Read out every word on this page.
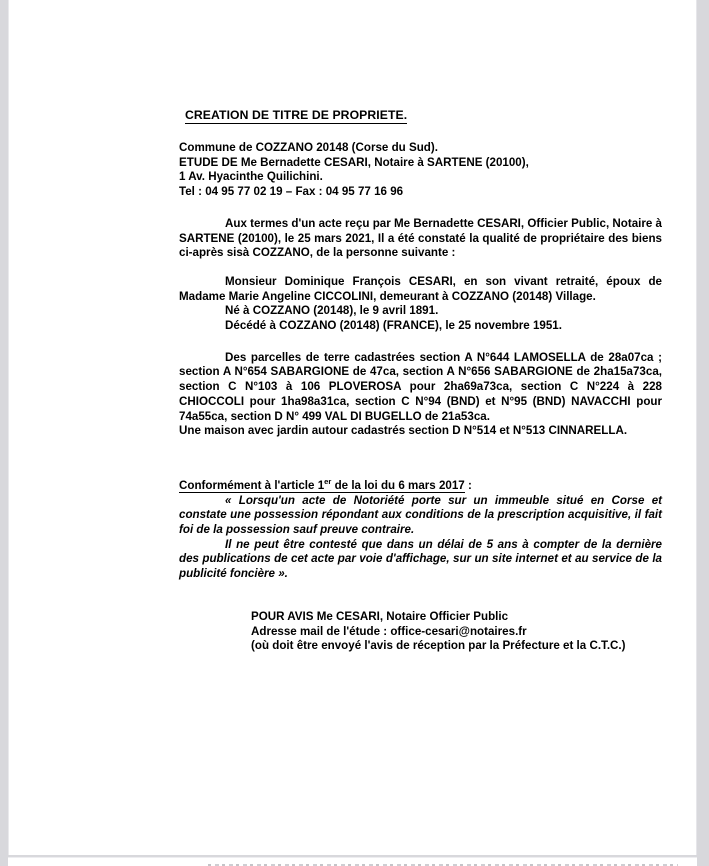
CREATION DE TITRE DE PROPRIETE.

Commune de COZZANO 20148 (Corse du Sud).

ETUDE DE Me Bernadette CESARI, Notaire à SARTENE (20100),

1 Av. Hyacinthe Quilichini.

Tel : 04 95 77 02 19 – Fax : 04 95 77 16 96

Aux termes d'un acte reçu par Me Bernadette CESARI, Officier Public, Notaire à SARTENE (20100), le 25 mars 2021, Il a été constaté la qualité de propriétaire des biens ci-après sisà COZZANO, de la personne suivante :

Monsieur Dominique François CESARI, en son vivant retraité, époux de Madame Marie Angeline CICCOLINI, demeurant à COZZANO (20148) Village.

Né à COZZANO (20148), le 9 avril 1891.

Décédé à COZZANO (20148) (FRANCE), le 25 novembre 1951.

Des parcelles de terre cadastrées section A N°644 LAMOSELLA de 28a07ca ; section A N°654 SABARGIONE de 47ca, section A N°656 SABARGIONE de 2ha15a73ca, section C N°103 à 106 PLOVEROSA pour 2ha69a73ca, section C N°224 à 228 CHIOCCOLI pour 1ha98a31ca, section C N°94 (BND) et N°95 (BND) NAVACCHI pour 74a55ca, section D N° 499 VAL DI BUGELLO de 21a53ca.

Une maison avec jardin autour cadastrés section D N°514 et N°513 CINNARELLA.

Conformément à l'article 1er de la loi du 6 mars 2017 :

« Lorsqu'un acte de Notoriété porte sur un immeuble situé en Corse et constate une possession répondant aux conditions de la prescription acquisitive, il fait foi de la possession sauf preuve contraire.

Il ne peut être contesté que dans un délai de 5 ans à compter de la dernière des publications de cet acte par voie d'affichage, sur un site internet et au service de la publicité foncière ».

POUR AVIS Me CESARI, Notaire Officier Public

Adresse mail de l'étude : office-cesari@notaires.fr

(où doit être envoyé l'avis de réception par la Préfecture et la C.T.C.)
